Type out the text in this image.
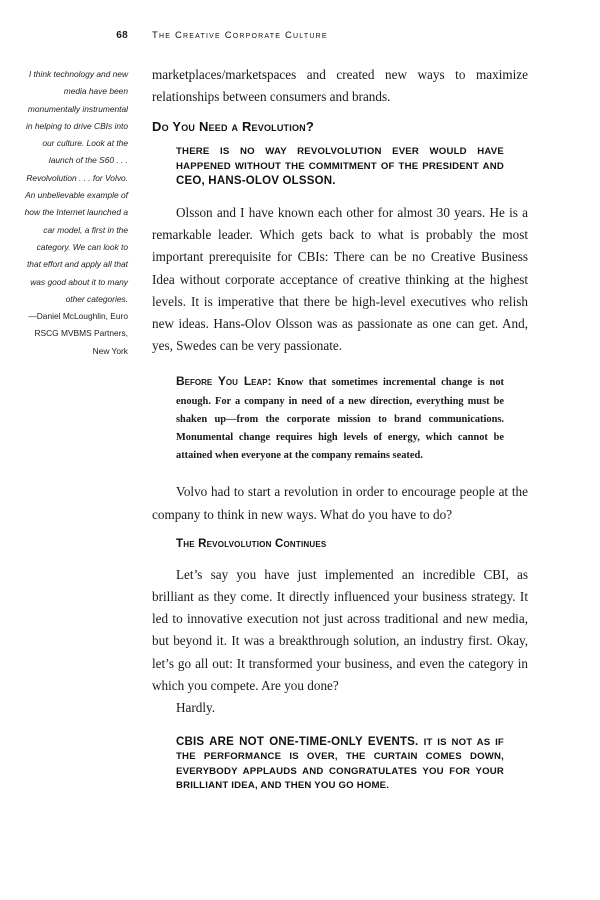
68	The Creative Corporate Culture
I think technology and new media have been monumentally instrumental in helping to drive CBIs into our culture. Look at the launch of the S60 . . . Revolvolution . . . for Volvo. An unbelievable example of how the Internet launched a car model, a first in the category. We can look to that effort and apply all that was good about it to many other categories.
—Daniel McLoughlin, Euro RSCG MVBMS Partners, New York

marketplaces/marketspaces and created new ways to maximize relationships between consumers and brands.

Do You Need a Revolution?
THERE IS NO WAY REVOLVOLUTION EVER WOULD HAVE HAPPENED WITHOUT THE COMMITMENT OF THE PRESIDENT AND CEO, HANS-OLOV OLSSON.

Olsson and I have known each other for almost 30 years. He is a remarkable leader. Which gets back to what is probably the most important prerequisite for CBIs: There can be no Creative Business Idea without corporate acceptance of creative thinking at the highest levels. It is imperative that there be high-level executives who relish new ideas. Hans-Olov Olsson was as passionate as one can get. And, yes, Swedes can be very passionate.

Before You Leap: Know that sometimes incremental change is not enough. For a company in need of a new direction, everything must be shaken up—from the corporate mission to brand communications. Monumental change requires high levels of energy, which cannot be attained when everyone at the company remains seated.

Volvo had to start a revolution in order to encourage people at the company to think in new ways. What do you have to do?

The Revolvolution Continues

Let’s say you have just implemented an incredible CBI, as brilliant as they come. It directly influenced your business strategy. It led to innovative execution not just across traditional and new media, but beyond it. It was a breakthrough solution, an industry first. Okay, let’s go all out: It transformed your business, and even the category in which you compete. Are you done?

Hardly.

CBIS ARE NOT ONE-TIME-ONLY EVENTS. IT IS NOT AS IF THE PERFORMANCE IS OVER, THE CURTAIN COMES DOWN, EVERYBODY APPLAUDS AND CONGRATULATES YOU FOR YOUR BRILLIANT IDEA, AND THEN YOU GO HOME.
